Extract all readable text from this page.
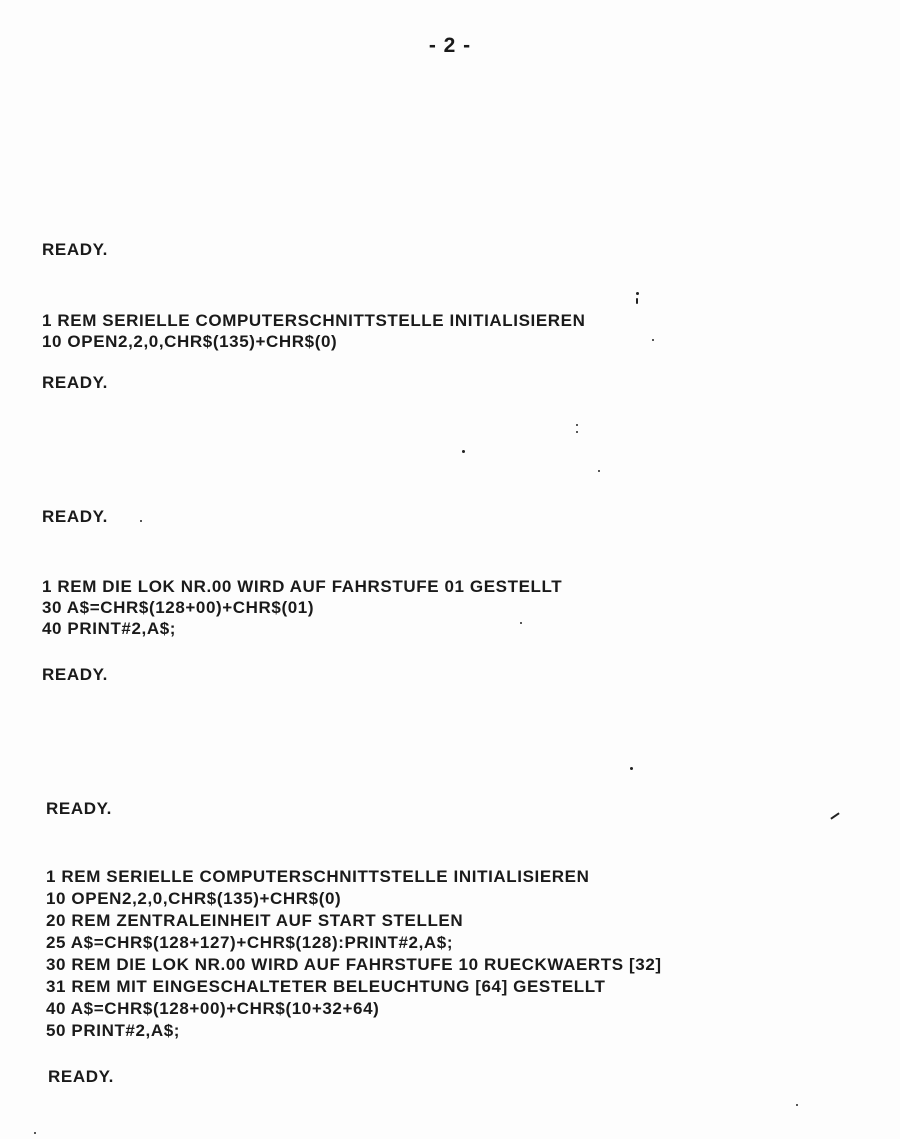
- 2 -
READY.
1 REM SERIELLE COMPUTERSCHNITTSTELLE INITIALISIEREN
10 OPEN2,2,0,CHR$(135)+CHR$(0)
READY.
READY.
1 REM DIE LOK NR.00 WIRD AUF FAHRSTUFE 01 GESTELLT
30 A$=CHR$(128+00)+CHR$(01)
40 PRINT#2,A$;
READY.
READY.
1 REM SERIELLE COMPUTERSCHNITTSTELLE INITIALISIEREN
10 OPEN2,2,0,CHR$(135)+CHR$(0)
20 REM ZENTRALEINHEIT AUF START STELLEN
25 A$=CHR$(128+127)+CHR$(128):PRINT#2,A$;
30 REM DIE LOK NR.00 WIRD AUF FAHRSTUFE 10 RUECKWAERTS [32]
31 REM MIT EINGESCHALTETER BELEUCHTUNG [64] GESTELLT
40 A$=CHR$(128+00)+CHR$(10+32+64)
50 PRINT#2,A$;
READY.
